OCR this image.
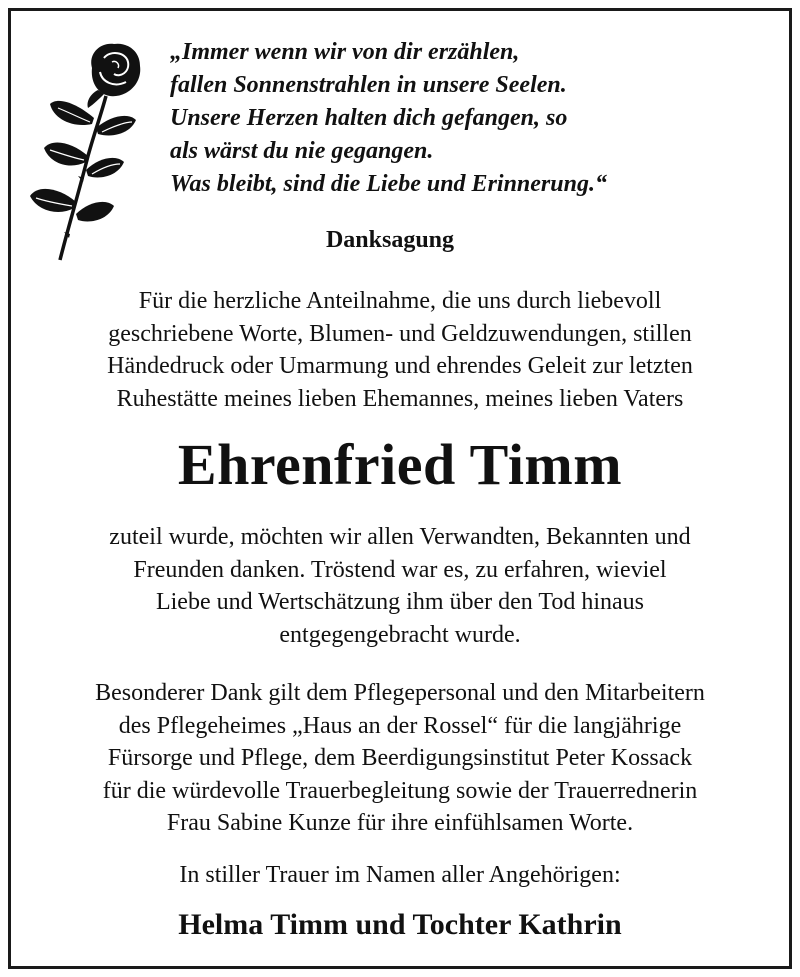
„Immer wenn wir von dir erzählen,
fallen Sonnenstrahlen in unsere Seelen.
Unsere Herzen halten dich gefangen, so
als wärst du nie gegangen.
Was bleibt, sind die Liebe und Erinnerung.“
Danksagung
Für die herzliche Anteilnahme, die uns durch liebevoll
geschriebene Worte, Blumen- und Geldzuwendungen, stillen
Händedruck oder Umarmung und ehrendes Geleit zur letzten
Ruhestätte meines lieben Ehemannes, meines lieben Vaters
Ehrenfried Timm
zuteil wurde, möchten wir allen Verwandten, Bekannten und
Freunden danken. Tröstend war es, zu erfahren, wieviel
Liebe und Wertschätzung ihm über den Tod hinaus
entgegengebracht wurde.
Besonderer Dank gilt dem Pflegepersonal und den Mitarbeitern
des Pflegeheimes „Haus an der Rossel“ für die langjährige
Fürsorge und Pflege, dem Beerdigungsinstitut Peter Kossack
für die würdevolle Trauerbegleitung sowie der Trauerrednerin
Frau Sabine Kunze für ihre einfühlsamen Worte.
In stiller Trauer im Namen aller Angehörigen:
Helma Timm und Tochter Kathrin
